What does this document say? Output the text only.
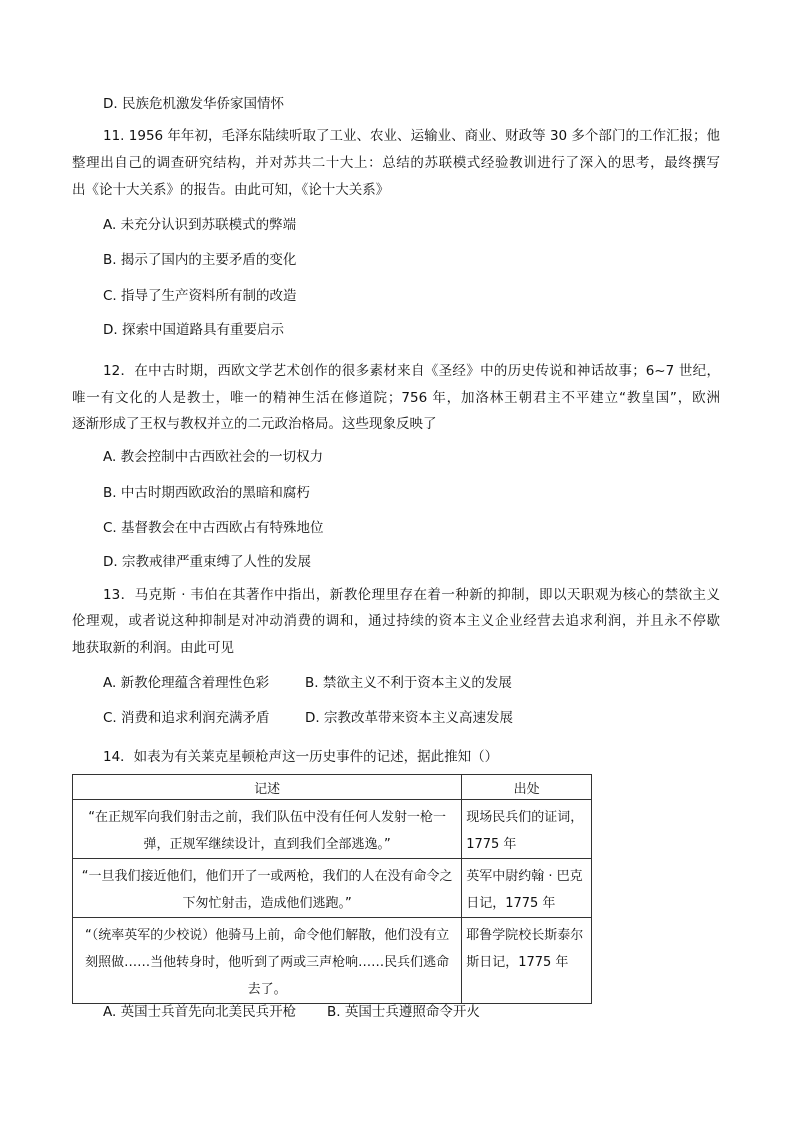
D. 民族危机激发华侨家国情怀
11. 1956 年年初，毛泽东陆续听取了工业、农业、运输业、商业、财政等 30 多个部门的工作汇报；他
整理出自己的调查研究结构，并对苏共二十大上：总结的苏联模式经验教训进行了深入的思考，最终撰写
出《论十大关系》的报告。由此可知，《论十大关系》
A. 未充分认识到苏联模式的弊端
B. 揭示了国内的主要矛盾的变化
C. 指导了生产资料所有制的改造
D. 探索中国道路具有重要启示
12．在中古时期，西欧文学艺术创作的很多素材来自《圣经》中的历史传说和神话故事；6~7 世纪，
唯一有文化的人是教士，唯一的精神生活在修道院；756 年，加洛林王朝君主不平建立“教皇国”，欧洲
逐渐形成了王权与教权并立的二元政治格局。这些现象反映了
A. 教会控制中古西欧社会的一切权力
B. 中古时期西欧政治的黑暗和腐朽
C. 基督教会在中古西欧占有特殊地位
D. 宗教戒律严重束缚了人性的发展
13．马克斯 · 韦伯在其著作中指出，新教伦理里存在着一种新的抑制，即以天职观为核心的禁欲主义
伦理观，或者说这种抑制是对冲动消费的调和，通过持续的资本主义企业经营去追求利润，并且永不停歇
地获取新的利润。由此可见
A. 新教伦理蕴含着理性色彩	B. 禁欲主义不利于资本主义的发展
C. 消费和追求利润充满矛盾	D. 宗教改革带来资本主义高速发展
14．如表为有关莱克星顿枪声这一历史事件的记述，据此推知（）
记述	出处

“在正规军向我们射击之前，我们队伍中没有任何人发射一枪一弹，正规军继续设计，直到我们全部逃逸。”	现场民兵们的证词，1775 年

“一旦我们接近他们，他们开了一或两枪，我们的人在没有命令之下匆忙射击，造成他们逃跑。”	英军中尉约翰 · 巴克日记，1775 年

“（统率英军的少校说）他骑马上前，命令他们解散，他们没有立刻照做……当他转身时，他听到了两或三声枪响……民兵们逃命去了。	耶鲁学院校长斯泰尔斯日记，1775 年
A. 英国士兵首先向北美民兵开枪 B. 英国士兵遵照命令开火
